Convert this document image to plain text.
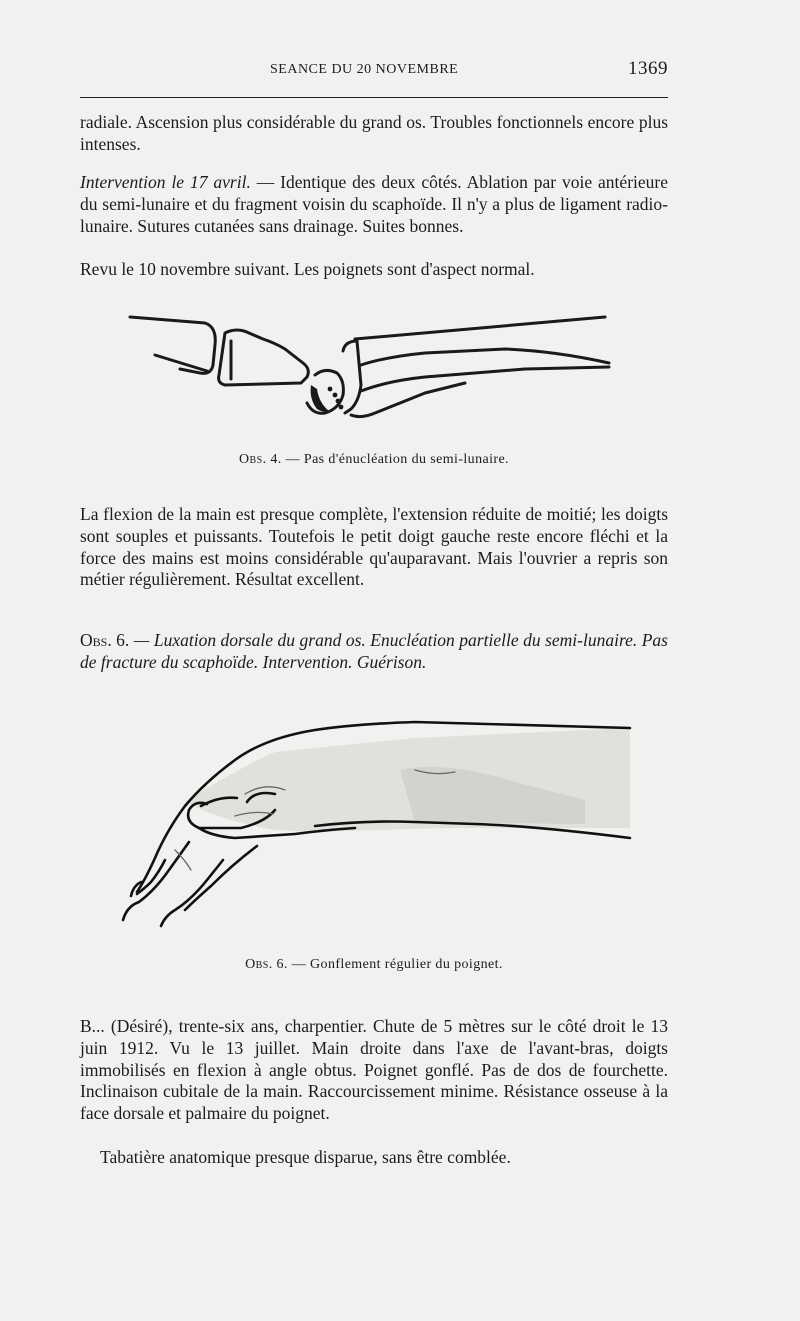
SEANCE DU 20 NOVEMBRE	1369

radiale. Ascension plus considérable du grand os. Troubles fonctionnels encore plus intenses.

Intervention le 17 avril. — Identique des deux côtés. Ablation par voie antérieure du semi-lunaire et du fragment voisin du scaphoïde. Il n'y a plus de ligament radio-lunaire. Sutures cutanées sans drainage. Suites bonnes.

Revu le 10 novembre suivant. Les poignets sont d'aspect normal.

Obs. 4. — Pas d'énucléation du semi-lunaire.

La flexion de la main est presque complète, l'extension réduite de moitié; les doigts sont souples et puissants. Toutefois le petit doigt gauche reste encore fléchi et la force des mains est moins considérable qu'auparavant. Mais l'ouvrier a repris son métier régulièrement. Résultat excellent.

Obs. 6. — Luxation dorsale du grand os. Enucléation partielle du semi-lunaire. Pas de fracture du scaphoïde. Intervention. Guérison.

Obs. 6. — Gonflement régulier du poignet.

B... (Désiré), trente-six ans, charpentier. Chute de 5 mètres sur le côté droit le 13 juin 1912. Vu le 13 juillet. Main droite dans l'axe de l'avant-bras, doigts immobilisés en flexion à angle obtus. Poignet gonflé. Pas de dos de fourchette. Inclinaison cubitale de la main. Raccourcissement minime. Résistance osseuse à la face dorsale et palmaire du poignet.

Tabatière anatomique presque disparue, sans être comblée.
